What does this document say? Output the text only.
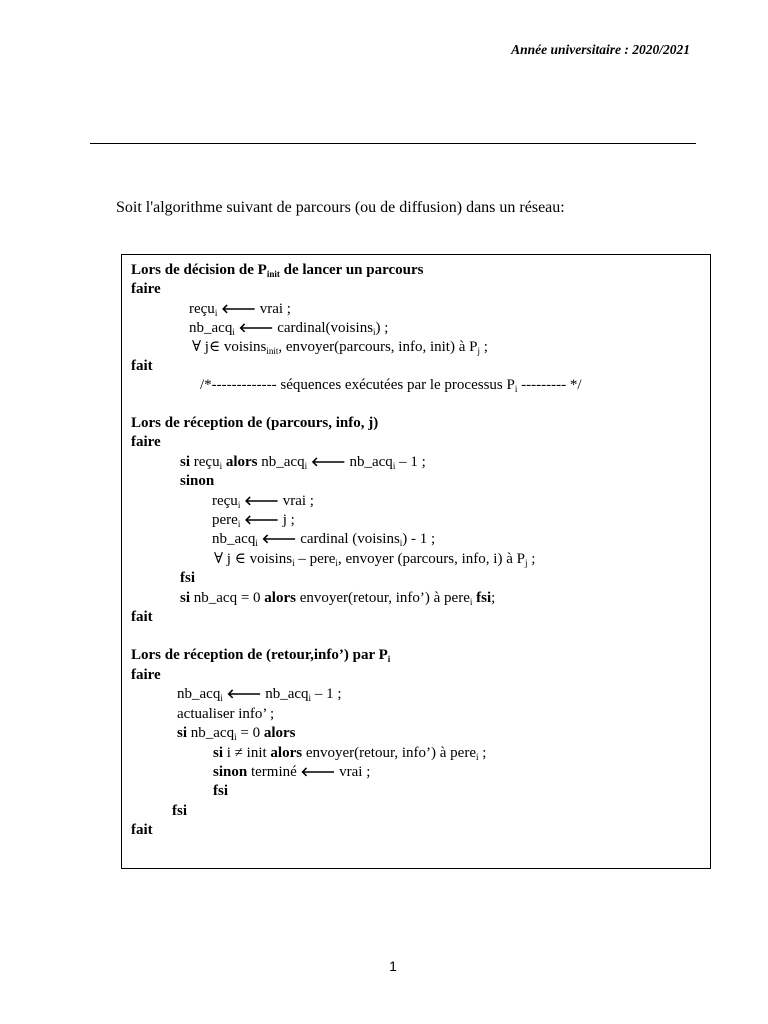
Année universitaire : 2020/2021
Soit l'algorithme suivant de parcours (ou de diffusion) dans un réseau:
Lors de décision de $P_{init}$ de lancer un parcours
faire
reçu$_i$ 🡐 vrai ;
nb_acq$_i$ 🡐 cardinal(voisins$_i$) ;
∀ j∈ voisins$_{init}$, envoyer(parcours, info, init) à $P_j$ ;
fait
/*------------- séquences exécutées par le processus $P_i$ --------- */
Lors de réception de (parcours, info, j)
faire
si reçu$_i$ alors nb_acq$_i$ 🡐 nb_acq$_i$ – 1 ;
sinon
reçu$_i$ 🡐 vrai ;
pere$_i$ 🡐 j ;
nb_acq$_i$ 🡐 cardinal (voisins$_i$) - 1 ;
∀ j ∈ voisins$_i$ – pere$_i$, envoyer (parcours, info, i) à $P_j$ ;
fsi
si nb_acq = 0 alors envoyer(retour, info’) à pere$_i$ fsi;
fait
Lors de réception de (retour,info’) par $P_i$
faire
nb_acq$_i$ 🡐 nb_acq$_i$ – 1 ;
actualiser info’ ;
si nb_acq$_i$ = 0 alors
si i ≠ init alors envoyer(retour, info’) à pere$_i$ ;
sinon terminé 🡐 vrai ;
fsi
fsi
fait
1
